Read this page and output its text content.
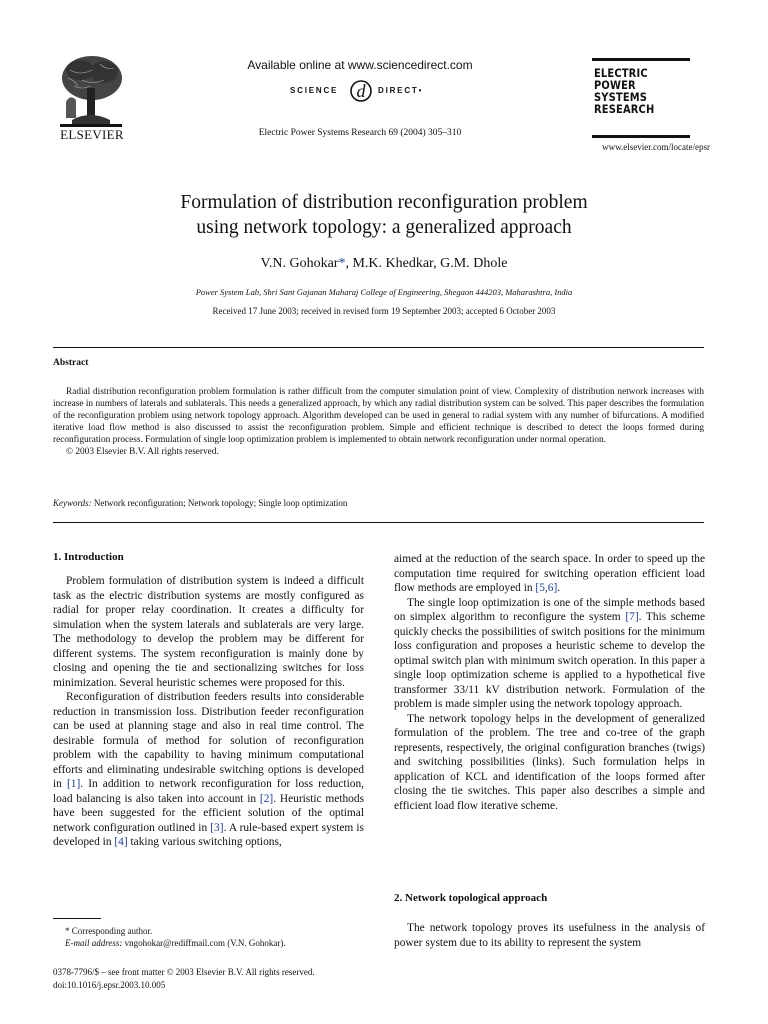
ELSEVIER
Available online at www.sciencedirect.com
SCIENCE d DIRECT•
Electric Power Systems Research 69 (2004) 305–310
ELECTRIC
POWER
SYSTEMS
RESEARCH
www.elsevier.com/locate/epsr
Formulation of distribution reconfiguration problem
using network topology: a generalized approach
V.N. Gohokar*, M.K. Khedkar, G.M. Dhole
Power System Lab, Shri Sant Gajanan Maharaj College of Engineering, Shegaon 444203, Maharashtra, India
Received 17 June 2003; received in revised form 19 September 2003; accepted 6 October 2003
Abstract

Radial distribution reconfiguration problem formulation is rather difficult from the computer simulation point of view. Complexity of distribution network increases with increase in numbers of laterals and sublaterals. This needs a generalized approach, by which any radial distribution system can be solved. This paper describes the formulation of the reconfiguration problem using network topology approach. Algorithm developed can be used in general to radial system with any number of bifurcations. A modified iterative load flow method is also discussed to assist the reconfiguration problem. Simple and efficient technique is described to detect the loops formed during reconfiguration process. Formulation of single loop optimization problem is implemented to obtain network reconfiguration under normal operation.

© 2003 Elsevier B.V. All rights reserved.

Keywords: Network reconfiguration; Network topology; Single loop optimization
1. Introduction

Problem formulation of distribution system is indeed a difficult task as the electric distribution systems are mostly configured as radial for proper relay coordination. It creates a difficulty for simulation when the system laterals and sublaterals are very large. The methodology to develop the problem may be different for different systems. The system reconfiguration is mainly done by closing and opening the tie and sectionalizing switches for loss minimization. Several heuristic schemes were proposed for this.

Reconfiguration of distribution feeders results into considerable reduction in transmission loss. Distribution feeder reconfiguration can be used at planning stage and also in real time control. The desirable formula of method for solution of reconfiguration problem with the capability to having minimum computational efforts and eliminating undesirable switching options is developed in [1]. In addition to network reconfiguration for loss reduction, load balancing is also taken into account in [2]. Heuristic methods have been suggested for the efficient solution of the optimal network configuration outlined in [3]. A rule-based expert system is developed in [4] taking various switching options,

aimed at the reduction of the search space. In order to speed up the computation time required for switching operation efficient load flow methods are employed in [5,6].

The single loop optimization is one of the simple methods based on simplex algorithm to reconfigure the system [7]. This scheme quickly checks the possibilities of switch positions for the minimum loss configuration and proposes a heuristic scheme to develop the optimal switch plan with minimum switch operation. In this paper a single loop optimization scheme is applied to a hypothetical five transformer 33/11 kV distribution network. Formulation of the problem is made simpler using the network topology approach.

The network topology helps in the development of generalized formulation of the problem. The tree and co-tree of the graph represents, respectively, the original configuration branches (twigs) and switching possibilities (links). Such formulation helps in application of KCL and identification of the loops formed after closing the tie switches. This paper also describes a simple and efficient load flow iterative scheme.

2. Network topological approach

The network topology proves its usefulness in the analysis of power system due to its ability to represent the system

* Corresponding author.
E-mail address: vngohokar@rediffmail.com (V.N. Gohokar).
0378-7796/$ – see front matter © 2003 Elsevier B.V. All rights reserved.
doi:10.1016/j.epsr.2003.10.005
